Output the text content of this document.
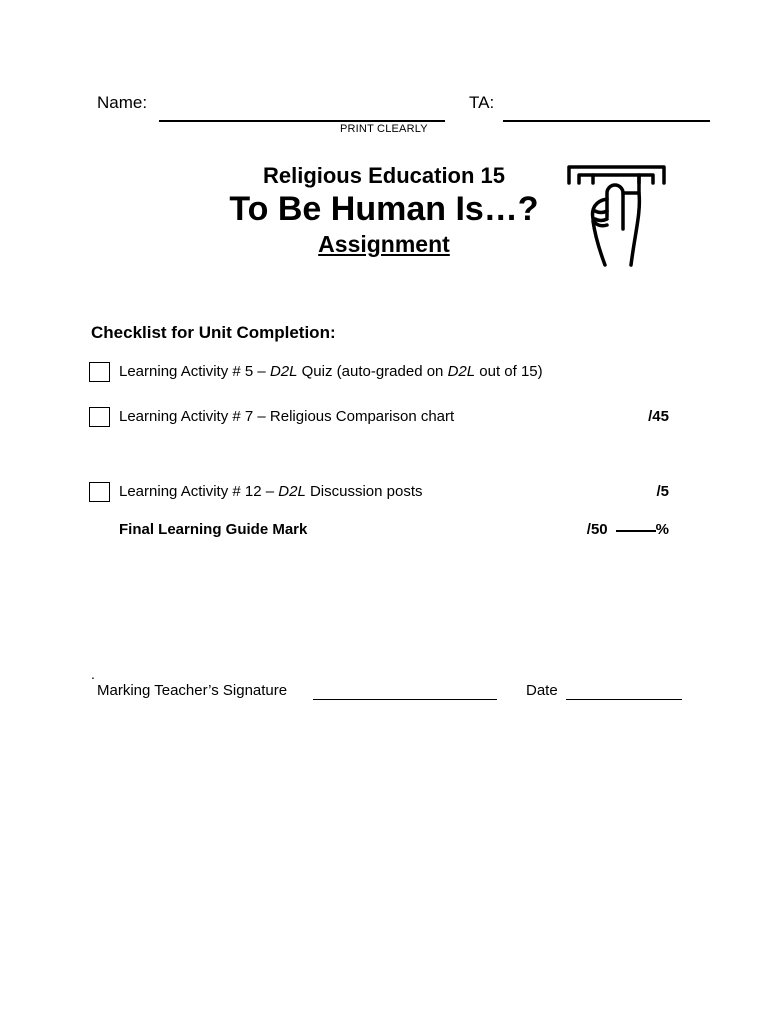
Name:
PRINT CLEARLY
TA:
Religious Education 15
To Be Human Is…?
Assignment
Checklist for Unit Completion:
Learning Activity # 5 – D2L Quiz (auto-graded on D2L out of 15)
Learning Activity # 7 – Religious Comparison chart	/45
Learning Activity # 12 – D2L Discussion posts	/5
Final Learning Guide Mark	/50	%
.
Marking Teacher’s Signature	Date
